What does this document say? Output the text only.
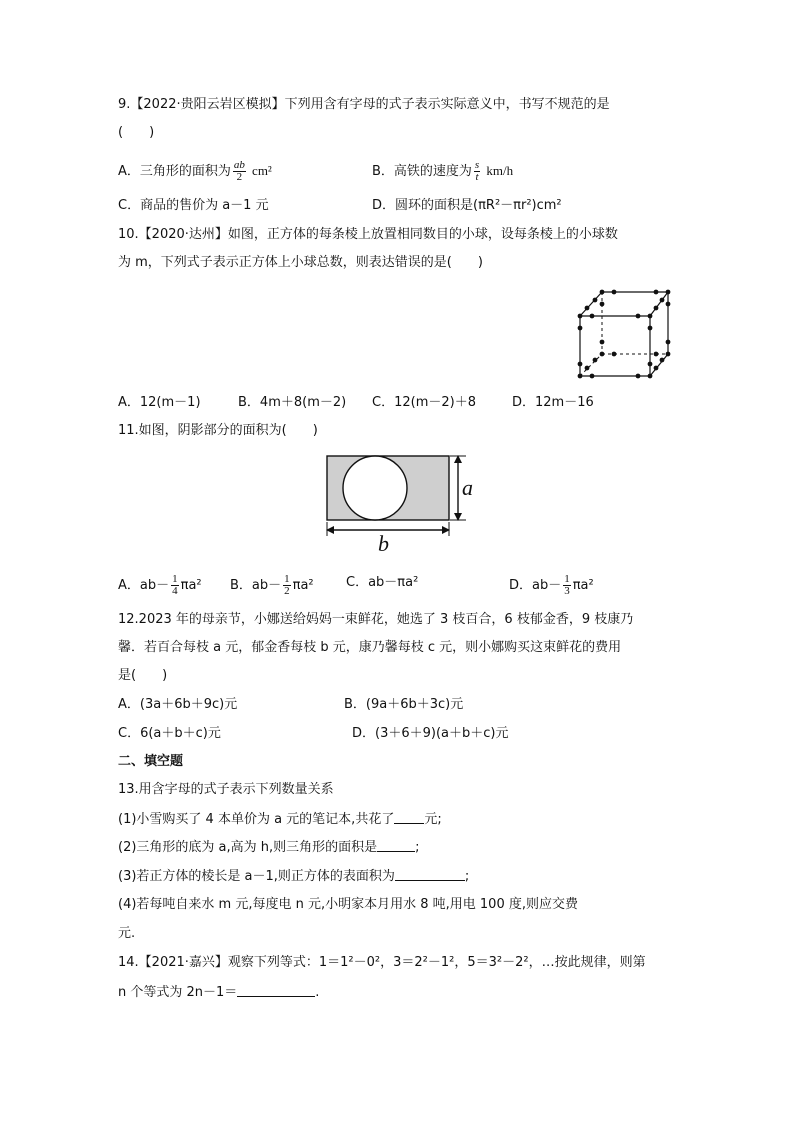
9.【2022·贵阳云岩区模拟】下列用含有字母的式子表示实际意义中，书写不规范的是
(　　)
A．三角形的面积为 $\frac{ab}{2} cm^2$	B．高铁的速度为 $\frac{s}{t} km/h$
C．商品的售价为 a－1 元	D．圆环的面积是(πR²－πr²)cm²
10.【2020·达州】如图，正方体的每条棱上放置相同数目的小球，设每条棱上的小球数
为 m，下列式子表示正方体上小球总数，则表达错误的是(　　)
A．12(m－1)	B．4m＋8(m－2) C．12(m－2)＋8	D．12m－16
11.如图，阴影部分的面积为(　　)
a
b
A．$ab- \frac{1}{4} \pi a^2$ B．$ab- \frac{1}{2} \pi a^2$ C．ab－πa²	D．$ab- \frac{1}{3} \pi a^2$
12.2023 年的母亲节，小娜送给妈妈一束鲜花，她选了 3 枝百合，6 枝郁金香，9 枝康乃
馨．若百合每枝 a 元，郁金香每枝 b 元，康乃馨每枝 c 元，则小娜购买这束鲜花的费用
是(　　)
A．(3a＋6b＋9c)元	B．(9a＋6b＋3c)元
C．6(a＋b＋c)元	D．(3＋6＋9)(a＋b＋c)元
二、填空题
13.用含字母的式子表示下列数量关系
(1)小雪购买了 4 本单价为 a 元的笔记本,共花了 元;
(2)三角形的底为 a,高为 h,则三角形的面积是	;
(3)若正方体的棱长是 a－1,则正方体的表面积为	;
(4)若每吨自来水 m 元,每度电 n 元,小明家本月用水 8 吨,用电 100 度,则应交费
元.
14.【2021·嘉兴】观察下列等式：1＝1²－0²，3＝2²－1²，5＝3²－2²，…按此规律，则第
n 个等式为 2n－1＝	.
